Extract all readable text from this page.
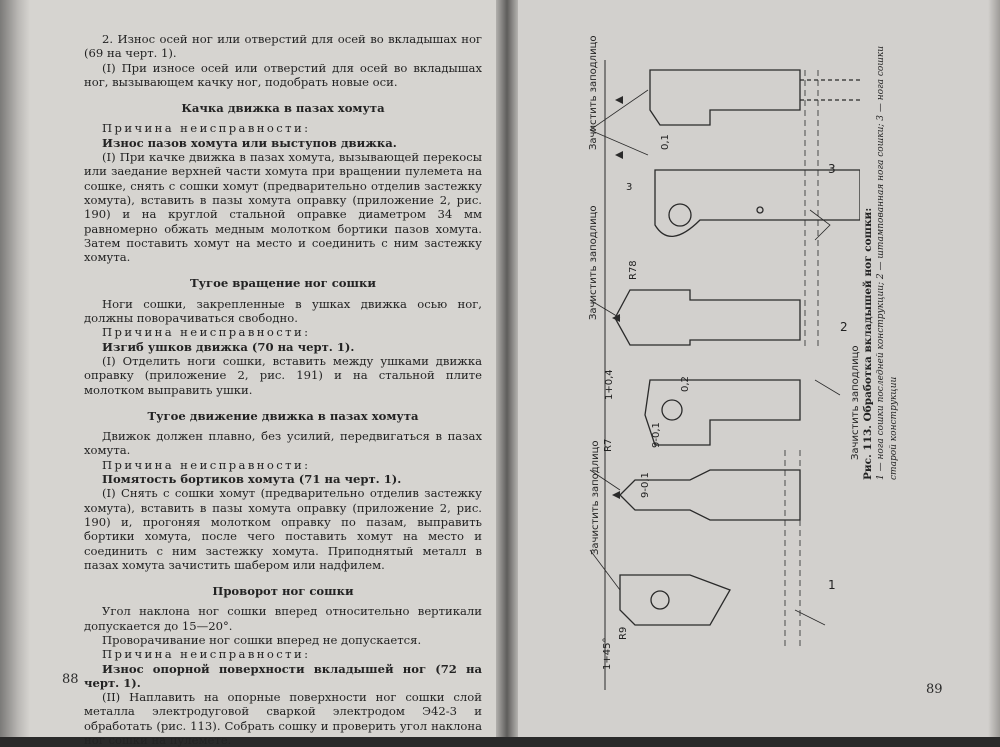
2. Износ осей ног или отверстий для осей во вкладышах ног (69 на черт. 1).

(I) При износе осей или отверстий для осей во вкладышах ног, вызывающем качку ног, подобрать новые оси.

Качка движка в пазах хомута

Причина неисправности:

Износ пазов хомута или выступов движка.

(I) При качке движка в пазах хомута, вызывающей перекосы или заедание верхней части хомута при вращении пулемета на сошке, снять с сошки хомут (предварительно отделив застежку хомута), вставить в пазы хомута оправку (приложение 2, рис. 190) и на круглой стальной оправке диаметром 34 мм равномерно обжать медным молотком бортики пазов хомута. Затем поставить хомут на место и соединить с ним застежку хомута.

Тугое вращение ног сошки

Ноги сошки, закрепленные в ушках движка осью ног, должны поворачиваться свободно.

Причина неисправности:

Изгиб ушков движка (70 на черт. 1).

(I) Отделить ноги сошки, вставить между ушками движка оправку (приложение 2, рис. 191) и на стальной плите молотком выправить ушки.

Тугое движение движка в пазах хомута

Движок должен плавно, без усилий, передвигаться в пазах хомута.

Причина неисправности:

Помятость бортиков хомута (71 на черт. 1).

(I) Снять с сошки хомут (предварительно отделив застежку хомута), вставить в пазы хомута оправку (приложение 2, рис. 190) и, прогоняя молотком оправку по пазам, выправить бортики хомута, после чего поставить хомут на место и соединить с ним застежку хомута. Приподнятый металл в пазах хомута зачистить шабером или надфилем.

Проворот ног сошки

Угол наклона ног сошки вперед относительно вертикали допускается до 15—20°.

Проворачивание ног сошки вперед не допускается.

Причина неисправности:

Износ опорной поверхности вкладышей ног (72 на черт. 1).

(II) Наплавить на опорные поверхности ног сошки слой металла электродуговой сваркой электродом Э42-3 и обработать (рис. 113). Собрать сошку и проверить угол наклона ног сошки на пулемете.

88
Зачистить заподлицо
Зачистить заподлицо
Зачистить заподлицо
Зачистить заподлицо
R78
R7
R9
1+45°
1+0,4
3
0,1
9-0,1
9-0,1
0,2
1
2
3
Рис. 113. Обработка вкладышей ног сошки: 1 — нога сошки последней конструкции; 2 — штампованная нога сошки; 3 — нога сошки старой конструкции
89
